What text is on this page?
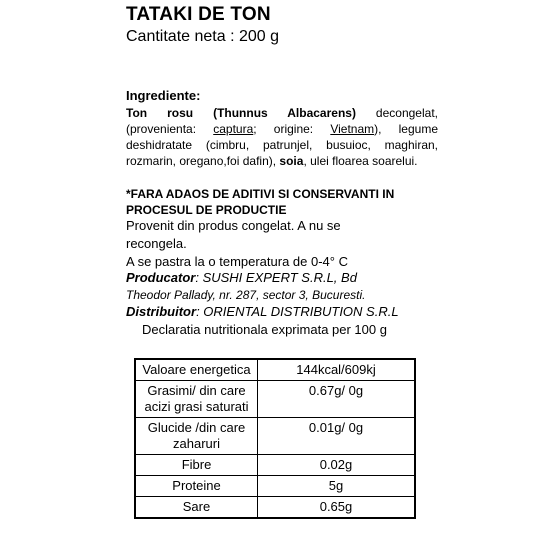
TATAKI DE TON
Cantitate neta : 200 g
Ingrediente:
Ton rosu (Thunnus Albacarens) decongelat, (provenienta: captura; origine: Vietnam), legume deshidratate (cimbru, patrunjel, busuioc, maghiran, rozmarin, oregano,foi dafin), soia, ulei floarea soarelui.
*FARA ADAOS DE ADITIVI SI CONSERVANTI IN PROCESUL DE PRODUCTIE
Provenit din produs congelat. A nu se
recongela.
A se pastra la o temperatura de 0-4° C
Producator: SUSHI EXPERT S.R.L, Bd
Theodor Pallady, nr. 287, sector 3, Bucuresti.
Distribuitor: ORIENTAL DISTRIBUTION S.R.L
Declaratia nutritionala exprimata per 100 g
Valoare energetica	144kcal/609kj
Grasimi/ din care acizi grasi saturati	0.67g/ 0g
Glucide /din care zaharuri	0.01g/ 0g
Fibre	0.02g
Proteine	5g
Sare	0.65g
